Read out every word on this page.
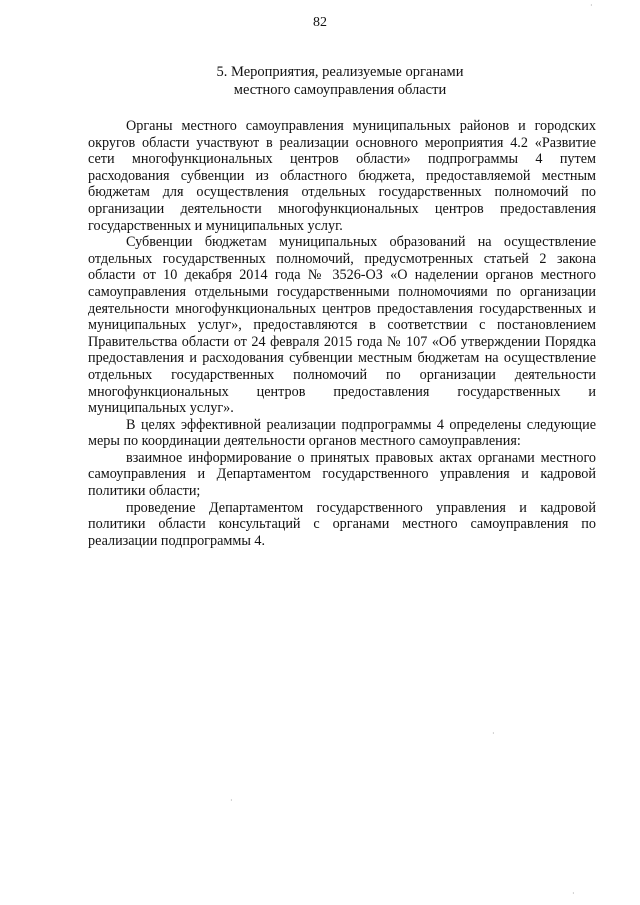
82
5. Мероприятия, реализуемые органами
местного самоуправления области

Органы местного самоуправления муниципальных районов и городских округов области участвуют в реализации основного мероприятия 4.2 «Развитие сети многофункциональных центров области» подпрограммы 4 путем расходования субвенции из областного бюджета, предоставляемой местным бюджетам для осуществления отдельных государственных полномочий по организации деятельности многофункциональных центров предоставления государственных и муниципальных услуг.

Субвенции бюджетам муниципальных образований на осуществление отдельных государственных полномочий, предусмотренных статьей 2 закона области от 10 декабря 2014 года № 3526-ОЗ «О наделении органов местного самоуправления отдельными государственными полномочиями по организации деятельности многофункциональных центров предоставления государственных и муниципальных услуг», предоставляются в соответствии с постановлением Правительства области от 24 февраля 2015 года № 107 «Об утверждении Порядка предоставления и расходования субвенции местным бюджетам на осуществление отдельных государственных полномочий по организации деятельности многофункциональных центров предоставления государственных и муниципальных услуг».

В целях эффективной реализации подпрограммы 4 определены следующие меры по координации деятельности органов местного самоуправления:

взаимное информирование о принятых правовых актах органами местного самоуправления и Департаментом государственного управления и кадровой политики области;

проведение Департаментом государственного управления и кадровой политики области консультаций с органами местного самоуправления по реализации подпрограммы 4.

·
·
·
·
